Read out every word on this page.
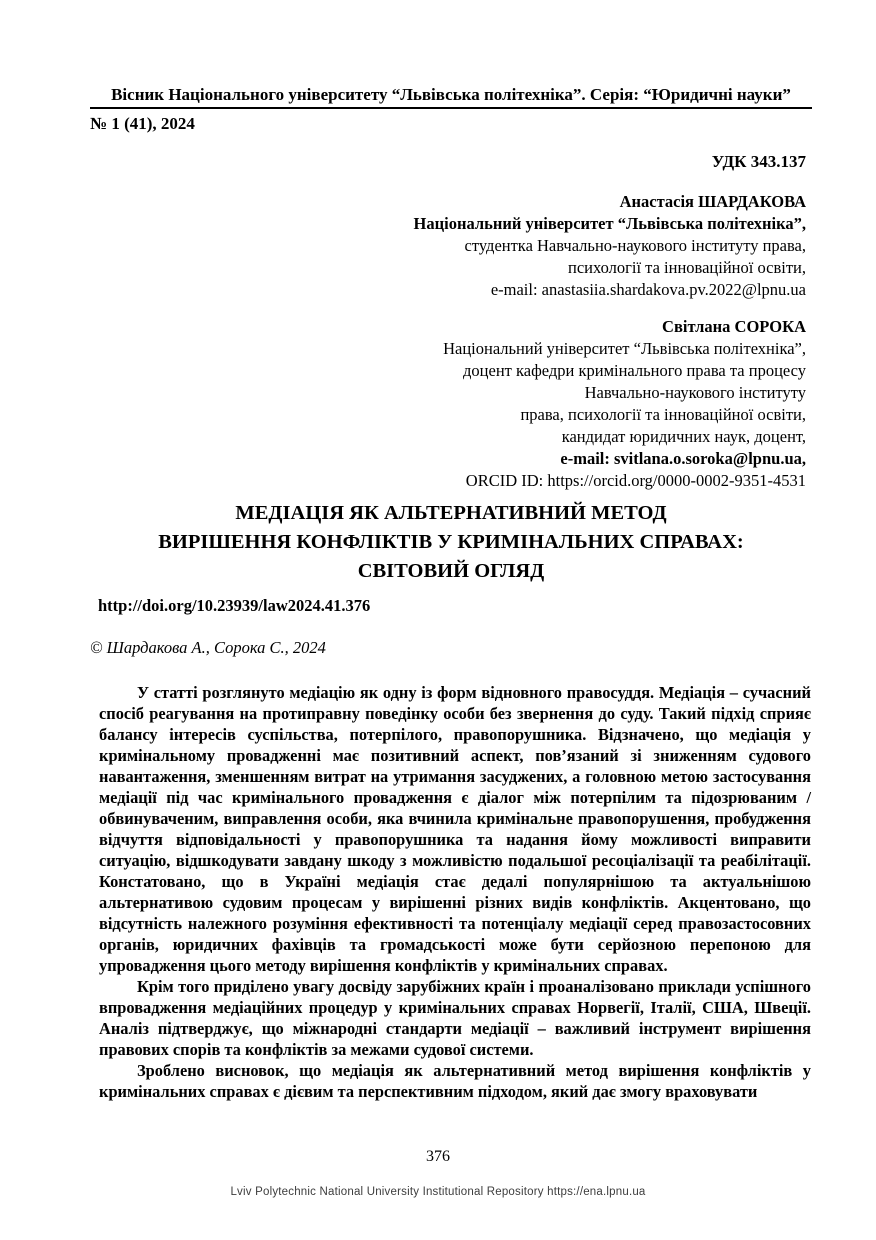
Вісник Національного університету “Львівська політехніка”. Серія: “Юридичні науки”
№ 1 (41), 2024
УДК 343.137
Анастасія ШАРДАКОВА
Національний університет “Львівська політехніка”,
студентка Навчально-наукового інституту права,
психології та інноваційної освіти,
e-mail: anastasiia.shardakova.pv.2022@lpnu.ua
Світлана СОРОКА
Національний університет “Львівська політехніка”,
доцент кафедри кримінального права та процесу
Навчально-наукового інституту
права, психології та інноваційної освіти,
кандидат юридичних наук, доцент,
e-mail: svitlana.o.soroka@lpnu.ua,
ORCID ID: https://orcid.org/0000-0002-9351-4531
МЕДІАЦІЯ ЯК АЛЬТЕРНАТИВНИЙ МЕТОД
ВИРІШЕННЯ КОНФЛІКТІВ У КРИМІНАЛЬНИХ СПРАВАХ:
СВІТОВИЙ ОГЛЯД
http://doi.org/10.23939/law2024.41.376
© Шардакова А., Сорока С., 2024

У статті розглянуто медіацію як одну із форм відновного правосуддя. Медіація – сучасний спосіб реагування на протиправну поведінку особи без звернення до суду. Такий підхід сприяє балансу інтересів суспільства, потерпілого, правопорушника. Відзначено, що медіація у кримінальному провадженні має позитивний аспект, пов’язаний зі зниженням судового навантаження, зменшенням витрат на утримання засуджених, а головною метою застосування медіації під час кримінального провадження є діалог між потерпілим та підозрюваним / обвинуваченим, виправлення особи, яка вчинила кримінальне правопорушення, пробудження відчуття відповідальності у правопорушника та надання йому можливості виправити ситуацію, відшкодувати завдану шкоду з можливістю подальшої ресоціалізації та реабілітації. Констатовано, що в Україні медіація стає дедалі популярнішою та актуальнішою альтернативою судовим процесам у вирішенні різних видів конфліктів. Акцентовано, що відсутність належного розуміння ефективності та потенціалу медіації серед правозастосовних органів, юридичних фахівців та громадськості може бути серйозною перепоною для упровадження цього методу вирішення конфліктів у кримінальних справах.

Крім того приділено увагу досвіду зарубіжних країн і проаналізовано приклади успішного впровадження медіаційних процедур у кримінальних справах Норвегії, Італії, США, Швеції. Аналіз підтверджує, що міжнародні стандарти медіації – важливий інструмент вирішення правових спорів та конфліктів за межами судової системи.

Зроблено висновок, що медіація як альтернативний метод вирішення конфліктів у кримінальних справах є дієвим та перспективним підходом, який дає змогу враховувати

376
Lviv Polytechnic National University Institutional Repository https://ena.lpnu.ua
